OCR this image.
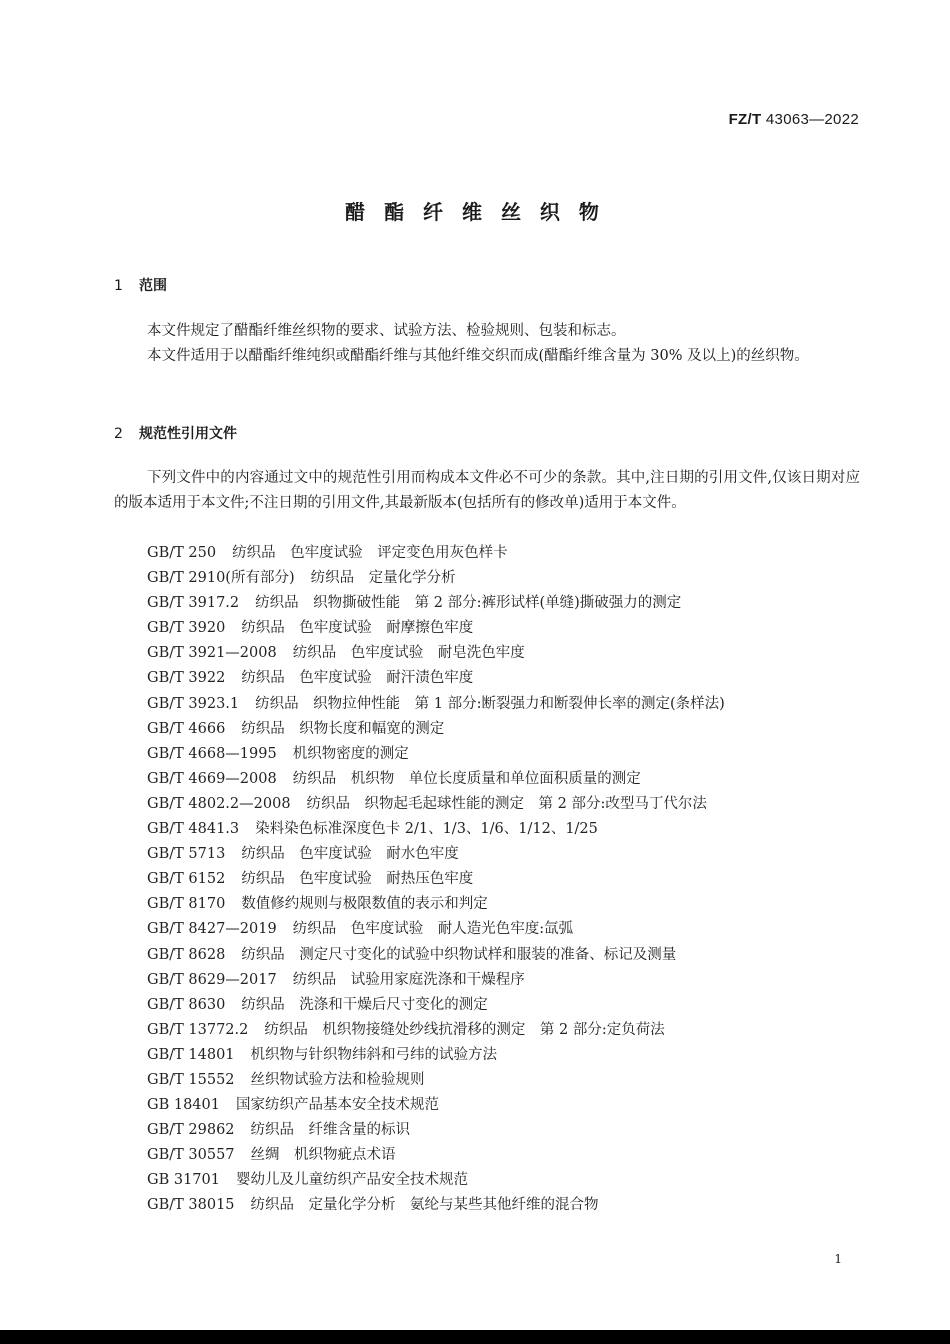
FZ/T 43063—2022
醋 酯 纤 维 丝 织 物
1 范围

本文件规定了醋酯纤维丝织物的要求、试验方法、检验规则、包装和标志。

本文件适用于以醋酯纤维纯织或醋酯纤维与其他纤维交织而成(醋酯纤维含量为 30% 及以上)的丝织物。

2 规范性引用文件

下列文件中的内容通过文中的规范性引用而构成本文件必不可少的条款。其中,注日期的引用文件,仅该日期对应的版本适用于本文件;不注日期的引用文件,其最新版本(包括所有的修改单)适用于本文件。

GB/T 250 纺织品　色牢度试验　评定变色用灰色样卡
GB/T 2910(所有部分) 纺织品　定量化学分析
GB/T 3917.2 纺织品　织物撕破性能　第 2 部分:裤形试样(单缝)撕破强力的测定
GB/T 3920 纺织品　色牢度试验　耐摩擦色牢度
GB/T 3921—2008 纺织品　色牢度试验　耐皂洗色牢度
GB/T 3922 纺织品　色牢度试验　耐汗渍色牢度
GB/T 3923.1 纺织品　织物拉伸性能　第 1 部分:断裂强力和断裂伸长率的测定(条样法)
GB/T 4666 纺织品　织物长度和幅宽的测定
GB/T 4668—1995 机织物密度的测定
GB/T 4669—2008 纺织品　机织物　单位长度质量和单位面积质量的测定
GB/T 4802.2—2008 纺织品　织物起毛起球性能的测定　第 2 部分:改型马丁代尔法
GB/T 4841.3 染料染色标准深度色卡 2/1、1/3、1/6、1/12、1/25
GB/T 5713 纺织品　色牢度试验　耐水色牢度
GB/T 6152 纺织品　色牢度试验　耐热压色牢度
GB/T 8170 数值修约规则与极限数值的表示和判定
GB/T 8427—2019 纺织品　色牢度试验　耐人造光色牢度:氙弧
GB/T 8628 纺织品　测定尺寸变化的试验中织物试样和服装的准备、标记及测量
GB/T 8629—2017 纺织品　试验用家庭洗涤和干燥程序
GB/T 8630 纺织品　洗涤和干燥后尺寸变化的测定
GB/T 13772.2 纺织品　机织物接缝处纱线抗滑移的测定　第 2 部分:定负荷法
GB/T 14801 机织物与针织物纬斜和弓纬的试验方法
GB/T 15552 丝织物试验方法和检验规则
GB 18401 国家纺织产品基本安全技术规范
GB/T 29862 纺织品　纤维含量的标识
GB/T 30557 丝绸　机织物疵点术语
GB 31701 婴幼儿及儿童纺织产品安全技术规范
GB/T 38015 纺织品　定量化学分析　氨纶与某些其他纤维的混合物
1
